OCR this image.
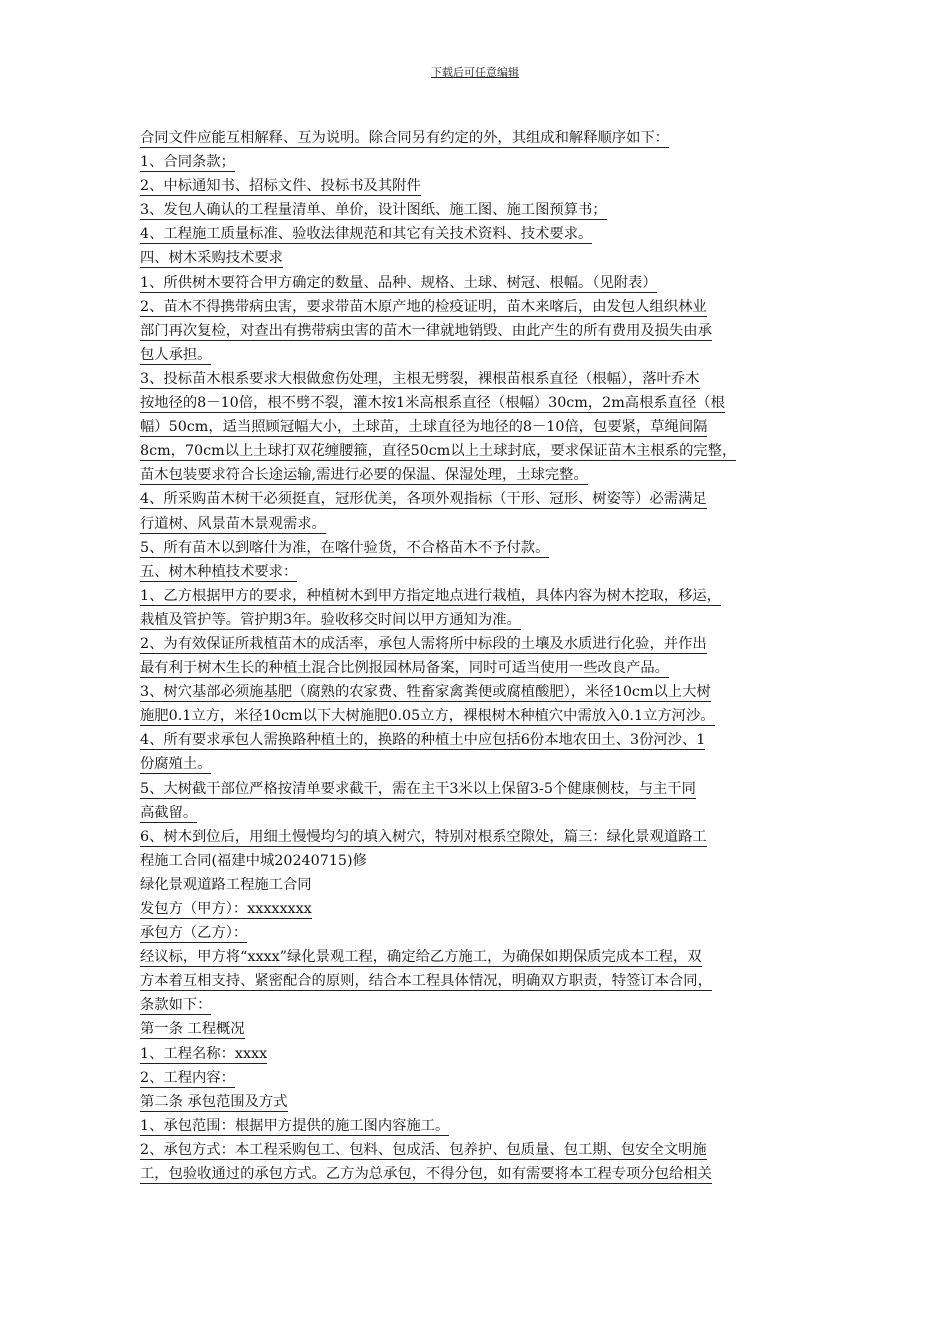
下载后可任意编辑
合同文件应能互相解释、互为说明。除合同另有约定的外，其组成和解释顺序如下：
1、合同条款；
2、中标通知书、招标文件、投标书及其附件
3、发包人确认的工程量清单、单价，设计图纸、施工图、施工图预算书；
4、工程施工质量标准、验收法律规范和其它有关技术资料、技术要求。
四、树木采购技术要求
1、所供树木要符合甲方确定的数量、品种、规格、土球、树冠、根幅。（见附表）
2、苗木不得携带病虫害，要求带苗木原产地的检疫证明，苗木来喀后，由发包人组织林业
部门再次复检，对查出有携带病虫害的苗木一律就地销毁、由此产生的所有费用及损失由承
包人承担。
3、投标苗木根系要求大根做愈伤处理，主根无劈裂，裸根苗根系直径（根幅），落叶乔木
按地径的8－10倍，根不劈不裂，灌木按1米高根系直径（根幅）30cm，2m高根系直径（根
幅）50cm，适当照顾冠幅大小，土球苗，土球直径为地径的8－10倍，包要紧，草绳间隔
8cm，70cm以上土球打双花缠腰箍，直径50cm以上土球封底，要求保证苗木主根系的完整，
苗木包装要求符合长途运输,需进行必要的保温、保湿处理，土球完整。
4、所采购苗木树干必须挺直，冠形优美，各项外观指标（干形、冠形、树姿等）必需满足
行道树、风景苗木景观需求。
5、所有苗木以到喀什为准，在喀什验货，不合格苗木不予付款。
五、树木种植技术要求：
1、乙方根据甲方的要求，种植树木到甲方指定地点进行栽植，具体内容为树木挖取，移运，
栽植及管护等。管护期3年。验收移交时间以甲方通知为准。
2、为有效保证所栽植苗木的成活率，承包人需将所中标段的土壤及水质进行化验，并作出
最有利于树木生长的种植土混合比例报园林局备案，同时可适当使用一些改良产品。
3、树穴基部必须施基肥（腐熟的农家费、牲畜家禽粪便或腐植酸肥），米径10cm以上大树
施肥0.1立方，米径10cm以下大树施肥0.05立方，裸根树木种植穴中需放入0.1立方河沙。
4、所有要求承包人需换路种植土的，换路的种植土中应包括6份本地农田土、3份河沙、1
份腐殖土。
5、大树截干部位严格按清单要求截干，需在主干3米以上保留3-5个健康侧枝，与主干同
高截留。
6、树木到位后，用细土慢慢均匀的填入树穴，特别对根系空隙处，篇三：绿化景观道路工
程施工合同(福建中城20240715)修
绿化景观道路工程施工合同
发包方（甲方）：xxxxxxxx
承包方（乙方）：
经议标，甲方将“xxxx”绿化景观工程，确定给乙方施工，为确保如期保质完成本工程，双
方本着互相支持、紧密配合的原则，结合本工程具体情况，明确双方职责，特签订本合同，
条款如下：
第一条 工程概况
1、工程名称：xxxx
2、工程内容：
第二条 承包范围及方式
1、承包范围：根据甲方提供的施工图内容施工。
2、承包方式：本工程采购包工、包料、包成活、包养护、包质量、包工期、包安全文明施
工，包验收通过的承包方式。乙方为总承包，不得分包，如有需要将本工程专项分包给相关
